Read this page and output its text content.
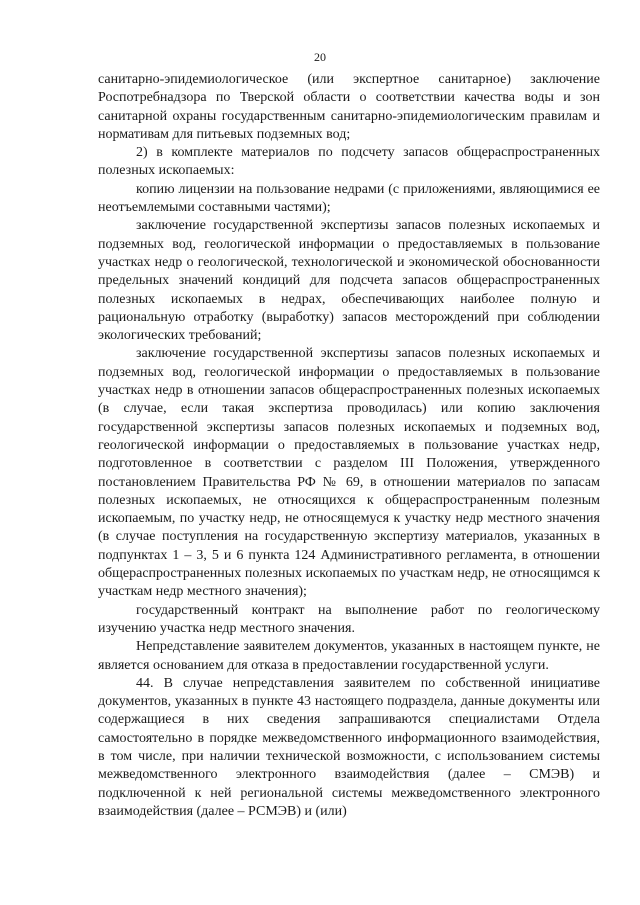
20

санитарно-эпидемиологическое (или экспертное санитарное) заключение Роспотребнадзора по Тверской области о соответствии качества воды и зон санитарной охраны государственным санитарно-эпидемиологическим правилам и нормативам для питьевых подземных вод;

2) в комплекте материалов по подсчету запасов общераспространенных полезных ископаемых:

копию лицензии на пользование недрами (с приложениями, являющимися ее неотъемлемыми составными частями);

заключение государственной экспертизы запасов полезных ископаемых и подземных вод, геологической информации о предоставляемых в пользование участках недр о геологической, технологической и экономической обоснованности предельных значений кондиций для подсчета запасов общераспространенных полезных ископаемых в недрах, обеспечивающих наиболее полную и рациональную отработку (выработку) запасов месторождений при соблюдении экологических требований;

заключение государственной экспертизы запасов полезных ископаемых и подземных вод, геологической информации о предоставляемых в пользование участках недр в отношении запасов общераспространенных полезных ископаемых (в случае, если такая экспертиза проводилась) или копию заключения государственной экспертизы запасов полезных ископаемых и подземных вод, геологической информации о предоставляемых в пользование участках недр, подготовленное в соответствии с разделом III Положения, утвержденного постановлением Правительства РФ № 69, в отношении материалов по запасам полезных ископаемых, не относящихся к общераспространенным полезным ископаемым, по участку недр, не относящемуся к участку недр местного значения (в случае поступления на государственную экспертизу материалов, указанных в подпунктах 1 – 3, 5 и 6 пункта 124 Административного регламента, в отношении общераспространенных полезных ископаемых по участкам недр, не относящимся к участкам недр местного значения);

государственный контракт на выполнение работ по геологическому изучению участка недр местного значения.

Непредставление заявителем документов, указанных в настоящем пункте, не является основанием для отказа в предоставлении государственной услуги.

44. В случае непредставления заявителем по собственной инициативе документов, указанных в пункте 43 настоящего подраздела, данные документы или содержащиеся в них сведения запрашиваются специалистами Отдела самостоятельно в порядке межведомственного информационного взаимодействия, в том числе, при наличии технической возможности, с использованием системы межведомственного электронного взаимодействия (далее – СМЭВ) и подключенной к ней региональной системы межведомственного электронного взаимодействия (далее – РСМЭВ) и (или)
